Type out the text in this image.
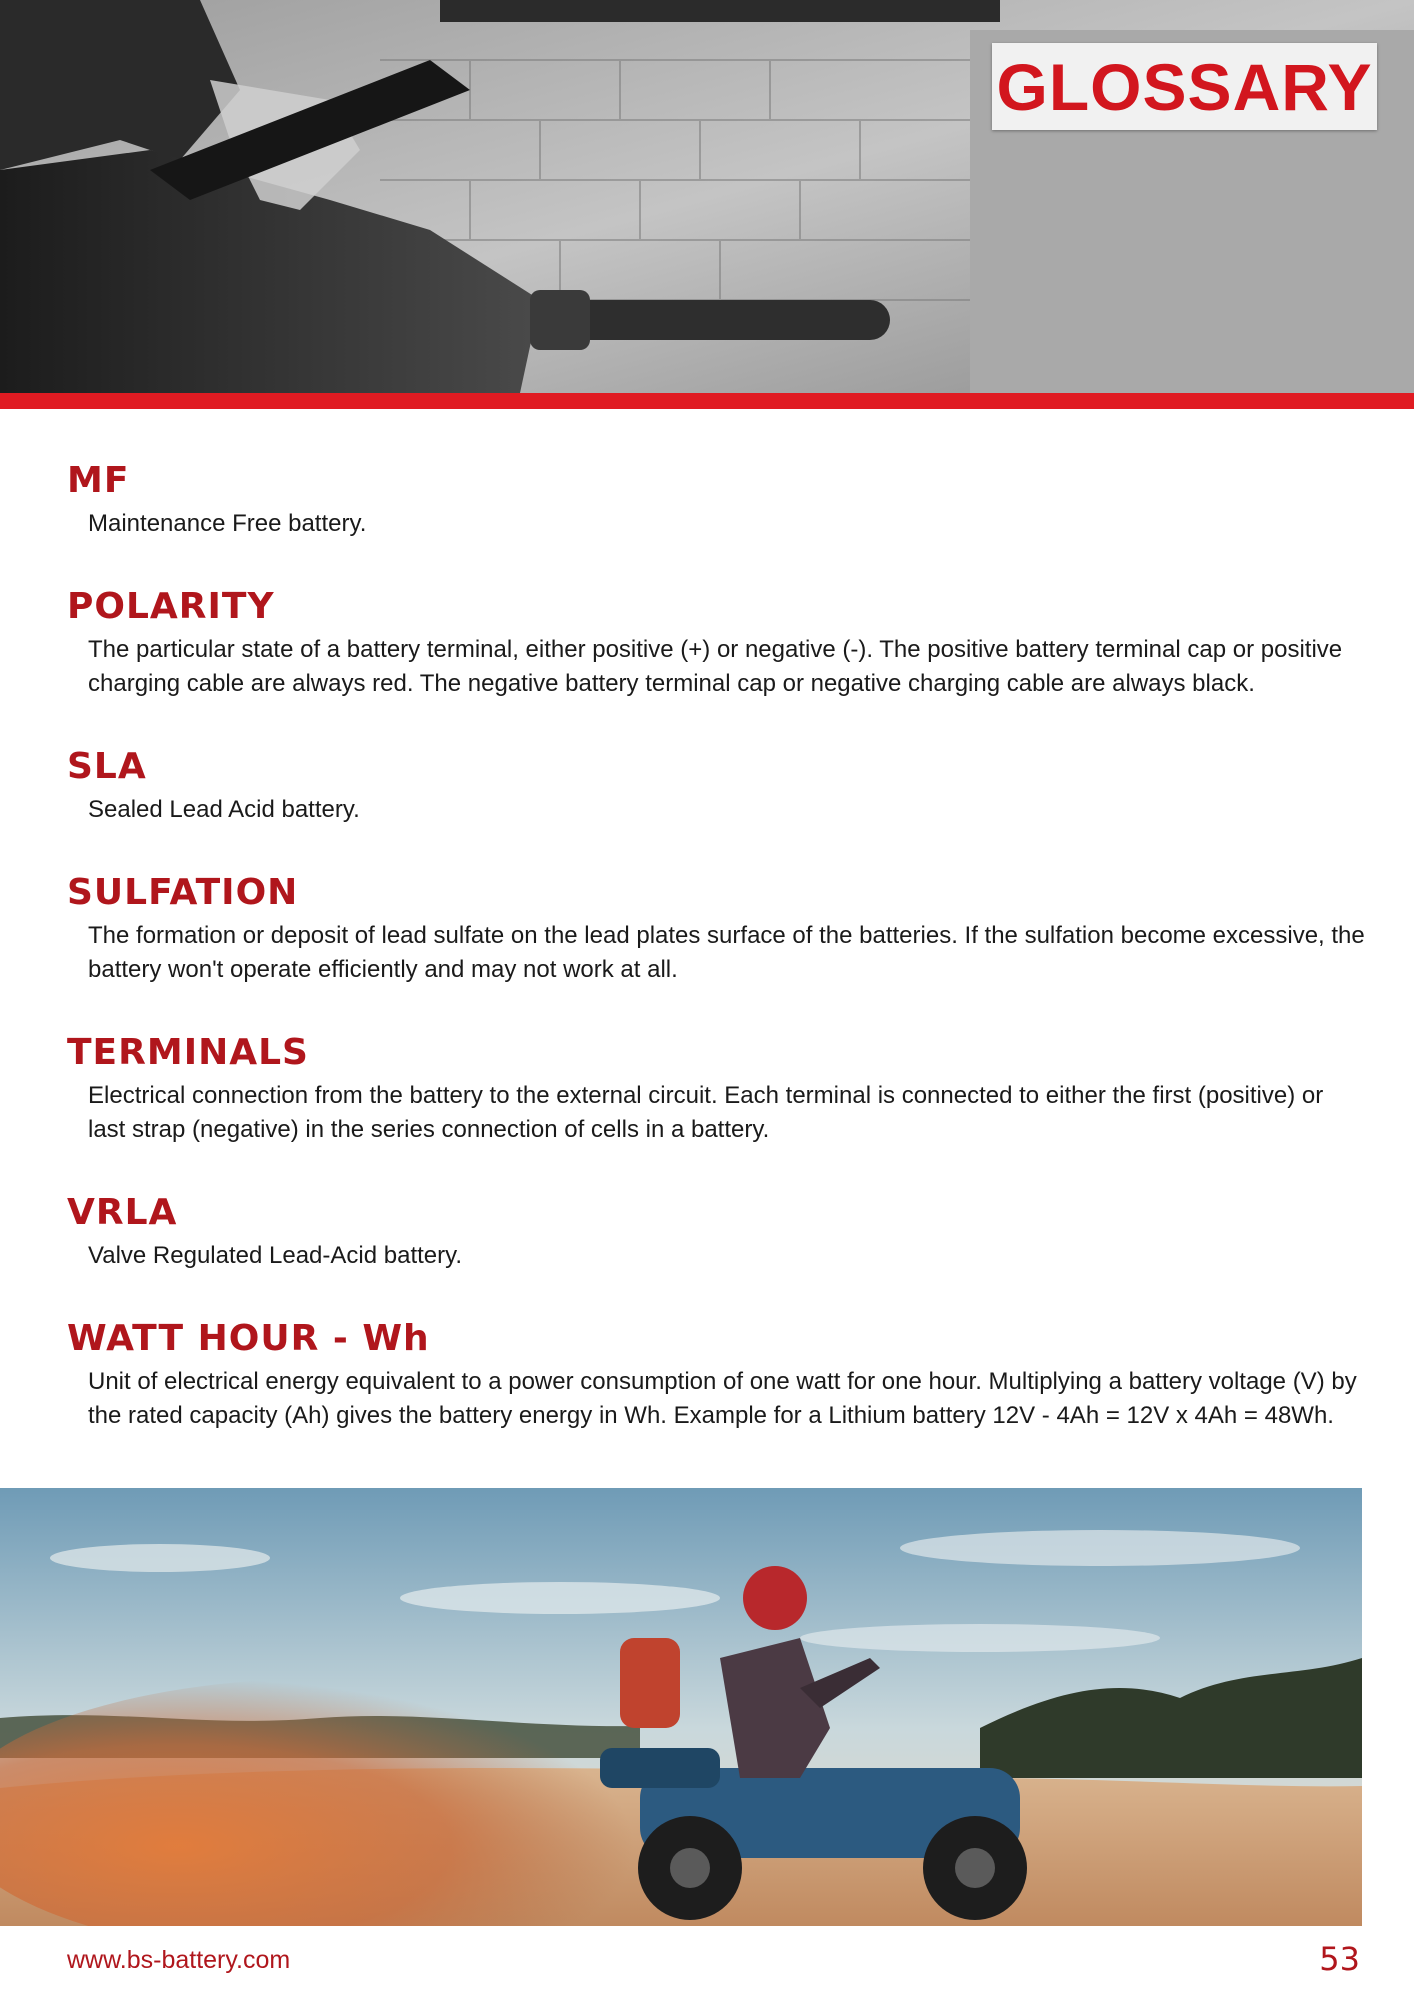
GLOSSARY
MF

Maintenance Free battery.

POLARITY

The particular state of a battery terminal, either positive (+) or negative (-). The positive battery terminal cap or positive charging cable are always red. The negative battery terminal cap or negative charging cable are always black.

SLA

Sealed Lead Acid battery.

SULFATION

The formation or deposit of lead sulfate on the lead plates surface of the batteries. If the sulfation become excessive, the battery won't operate efficiently and may not work at all.

TERMINALS

Electrical connection from the battery to the external circuit. Each terminal is connected to either the first (positive) or last strap (negative) in the series connection of cells in a battery.

VRLA

Valve Regulated Lead-Acid battery.

WATT HOUR - Wh

Unit of electrical energy equivalent to a power consumption of one watt for one hour. Multiplying a battery voltage (V) by the rated capacity (Ah) gives the battery energy in Wh. Example for a Lithium battery 12V - 4Ah = 12V x 4Ah = 48Wh.

www.bs-battery.com	53
